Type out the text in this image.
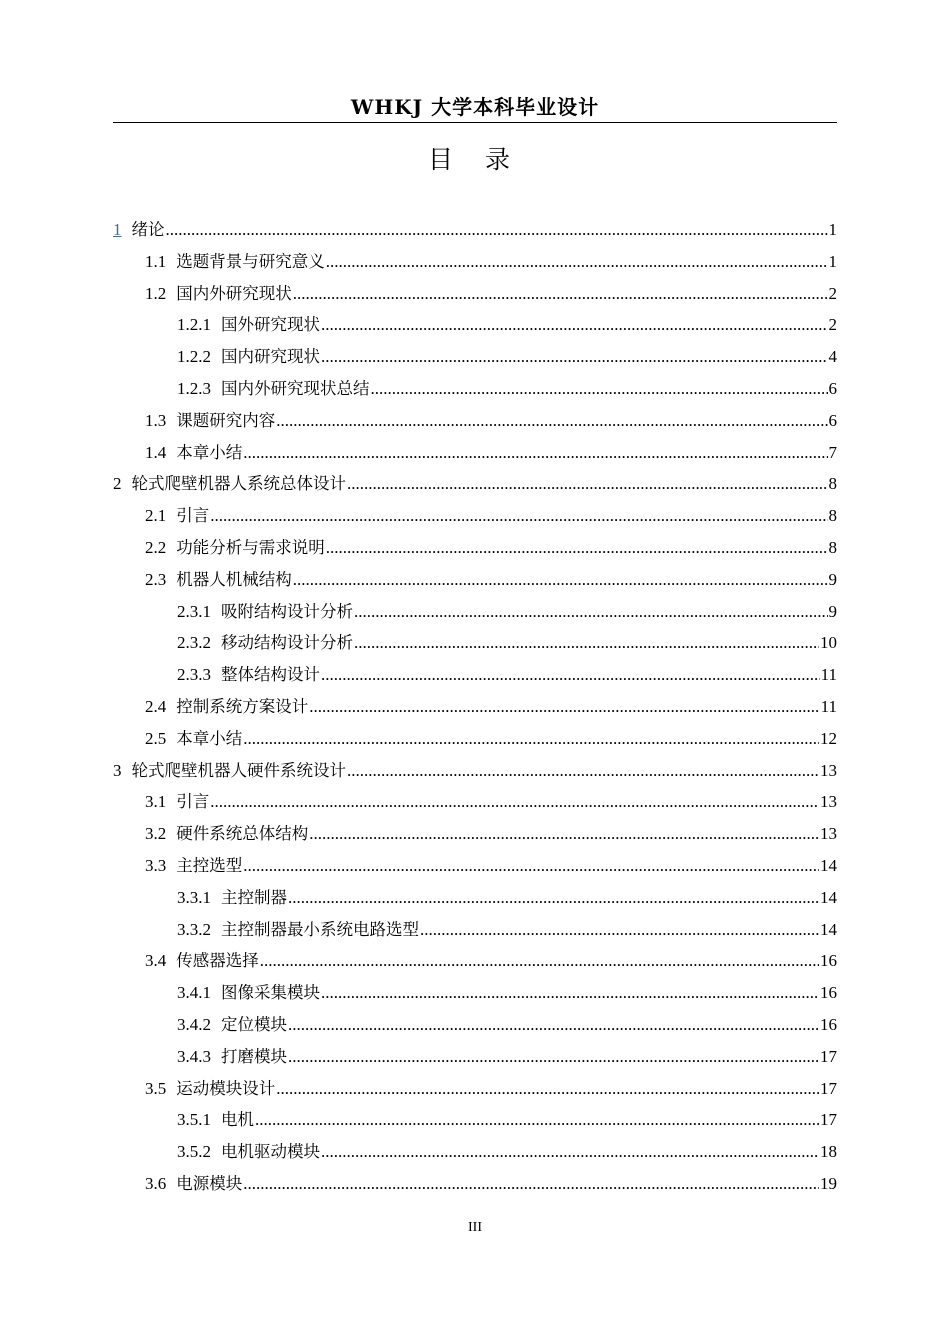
WHKJ 大学本科毕业设计
目 录
1 绪论 .....	1
1.1 选题背景与研究意义 .....	1
1.2 国内外研究现状 .....	2
1.2.1 国外研究现状 .....	2
1.2.2 国内研究现状 .....	4
1.2.3 国内外研究现状总结 .....	6
1.3 课题研究内容 .....	6
1.4 本章小结 .....	7
2 轮式爬壁机器人系统总体设计 .....	8
2.1 引言 .....	8
2.2 功能分析与需求说明 .....	8
2.3 机器人机械结构 .....	9
2.3.1 吸附结构设计分析 .....	9
2.3.2 移动结构设计分析 .....	10
2.3.3 整体结构设计 .....	11
2.4 控制系统方案设计 .....	11
2.5 本章小结 .....	12
3 轮式爬壁机器人硬件系统设计 .....	13
3.1 引言 .....	13
3.2 硬件系统总体结构 .....	13
3.3 主控选型 .....	14
3.3.1 主控制器 .....	14
3.3.2 主控制器最小系统电路选型 .....	14
3.4 传感器选择 .....	16
3.4.1 图像采集模块 .....	16
3.4.2 定位模块 .....	16
3.4.3 打磨模块 .....	17
3.5 运动模块设计 .....	17
3.5.1 电机 .....	17
3.5.2 电机驱动模块 .....	18
3.6 电源模块 .....	19
III
